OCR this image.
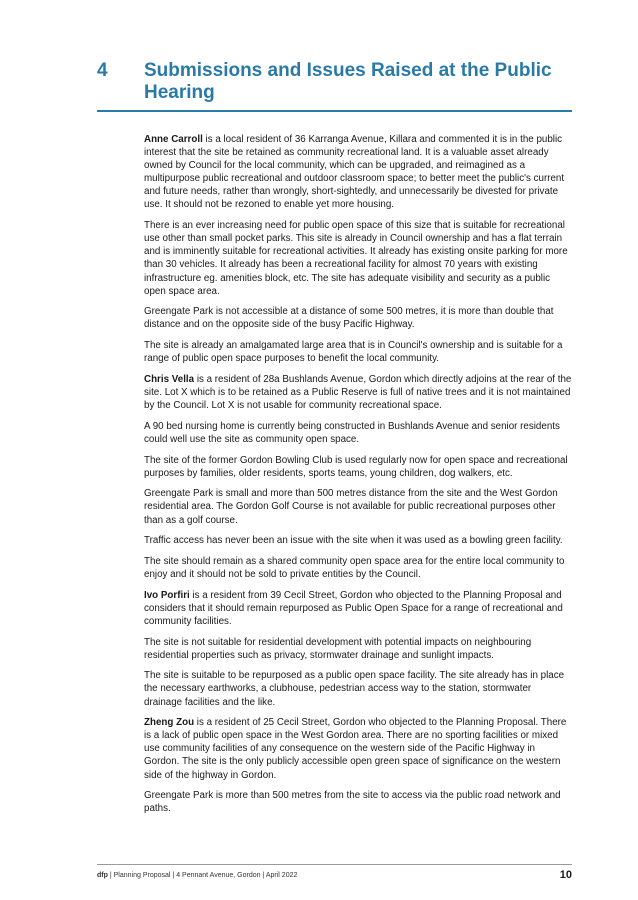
4	Submissions and Issues Raised at the Public Hearing

Anne Carroll is a local resident of 36 Karranga Avenue, Killara and commented it is in the public interest that the site be retained as community recreational land. It is a valuable asset already owned by Council for the local community, which can be upgraded, and reimagined as a multipurpose public recreational and outdoor classroom space; to better meet the public's current and future needs, rather than wrongly, short-sightedly, and unnecessarily be divested for private use. It should not be rezoned to enable yet more housing.

There is an ever increasing need for public open space of this size that is suitable for recreational use other than small pocket parks. This site is already in Council ownership and has a flat terrain and is imminently suitable for recreational activities. It already has existing onsite parking for more than 30 vehicles. It already has been a recreational facility for almost 70 years with existing infrastructure eg. amenities block, etc. The site has adequate visibility and security as a public open space area.

Greengate Park is not accessible at a distance of some 500 metres, it is more than double that distance and on the opposite side of the busy Pacific Highway.

The site is already an amalgamated large area that is in Council's ownership and is suitable for a range of public open space purposes to benefit the local community.

Chris Vella is a resident of 28a Bushlands Avenue, Gordon which directly adjoins at the rear of the site. Lot X which is to be retained as a Public Reserve is full of native trees and it is not maintained by the Council. Lot X is not usable for community recreational space.

A 90 bed nursing home is currently being constructed in Bushlands Avenue and senior residents could well use the site as community open space.

The site of the former Gordon Bowling Club is used regularly now for open space and recreational purposes by families, older residents, sports teams, young children, dog walkers, etc.

Greengate Park is small and more than 500 metres distance from the site and the West Gordon residential area. The Gordon Golf Course is not available for public recreational purposes other than as a golf course.

Traffic access has never been an issue with the site when it was used as a bowling green facility.

The site should remain as a shared community open space area for the entire local community to enjoy and it should not be sold to private entities by the Council.

Ivo Porfiri is a resident from 39 Cecil Street, Gordon who objected to the Planning Proposal and considers that it should remain repurposed as Public Open Space for a range of recreational and community facilities.

The site is not suitable for residential development with potential impacts on neighbouring residential properties such as privacy, stormwater drainage and sunlight impacts.

The site is suitable to be repurposed as a public open space facility. The site already has in place the necessary earthworks, a clubhouse, pedestrian access way to the station, stormwater drainage facilities and the like.

Zheng Zou is a resident of 25 Cecil Street, Gordon who objected to the Planning Proposal. There is a lack of public open space in the West Gordon area. There are no sporting facilities or mixed use community facilities of any consequence on the western side of the Pacific Highway in Gordon. The site is the only publicly accessible open green space of significance on the western side of the highway in Gordon.

Greengate Park is more than 500 metres from the site to access via the public road network and paths.

dfp | Planning Proposal | 4 Pennant Avenue, Gordon | April 2022	10
